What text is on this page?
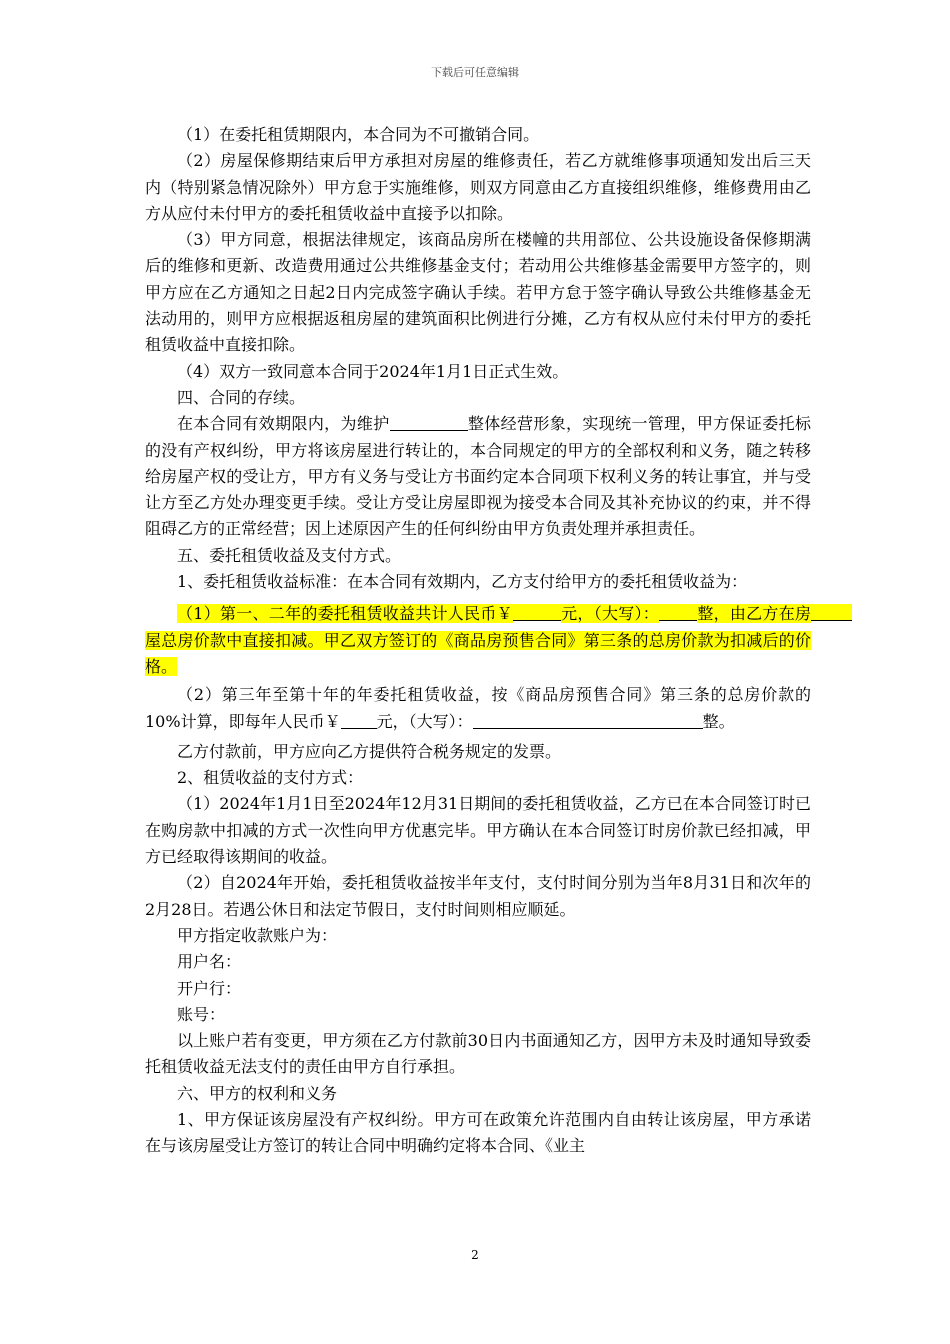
下载后可任意编辑

（1）在委托租赁期限内，本合同为不可撤销合同。

（2）房屋保修期结束后甲方承担对房屋的维修责任，若乙方就维修事项通知发出后三天内（特别紧急情况除外）甲方怠于实施维修，则双方同意由乙方直接组织维修，维修费用由乙方从应付未付甲方的委托租赁收益中直接予以扣除。

（3）甲方同意，根据法律规定，该商品房所在楼幢的共用部位、公共设施设备保修期满后的维修和更新、改造费用通过公共维修基金支付；若动用公共维修基金需要甲方签字的，则甲方应在乙方通知之日起2日内完成签字确认手续。若甲方怠于签字确认导致公共维修基金无法动用的，则甲方应根据返租房屋的建筑面积比例进行分摊，乙方有权从应付未付甲方的委托租赁收益中直接扣除。

（4）双方一致同意本合同于2024年1月1日正式生效。

四、合同的存续。

在本合同有效期限内，为维护	整体经营形象，实现统一管理，甲方保证委托标的没有产权纠纷，甲方将该房屋进行转让的，本合同规定的甲方的全部权利和义务，随之转移给房屋产权的受让方，甲方有义务与受让方书面约定本合同项下权利义务的转让事宜，并与受让方至乙方处办理变更手续。受让方受让房屋即视为接受本合同及其补充协议的约束，并不得阻碍乙方的正常经营；因上述原因产生的任何纠纷由甲方负责处理并承担责任。

五、委托租赁收益及支付方式。

1、委托租赁收益标准：在本合同有效期内，乙方支付给甲方的委托租赁收益为：

（1）第一、二年的委托租赁收益共计人民币￥	元，（大写）： 整，由乙方在房屋总房价款中直接扣减。甲乙双方签订的《商品房预售合同》第三条的总房价款为扣减后的价格。

（2）第三年至第十年的年委托租赁收益，按《商品房预售合同》第三条的总房价款的10%计算，即每年人民币￥ 元，（大写）：	整。

乙方付款前，甲方应向乙方提供符合税务规定的发票。

2、租赁收益的支付方式：

（1）2024年1月1日至2024年12月31日期间的委托租赁收益，乙方已在本合同签订时已在购房款中扣减的方式一次性向甲方优惠完毕。甲方确认在本合同签订时房价款已经扣减，甲方已经取得该期间的收益。

（2）自2024年开始，委托租赁收益按半年支付，支付时间分别为当年8月31日和次年的2月28日。若遇公休日和法定节假日，支付时间则相应顺延。

甲方指定收款账户为：

用户名：

开户行：

账号：

以上账户若有变更，甲方须在乙方付款前30日内书面通知乙方，因甲方未及时通知导致委托租赁收益无法支付的责任由甲方自行承担。

六、甲方的权利和义务

1、甲方保证该房屋没有产权纠纷。甲方可在政策允许范围内自由转让该房屋，甲方承诺在与该房屋受让方签订的转让合同中明确约定将本合同、《业主

2
